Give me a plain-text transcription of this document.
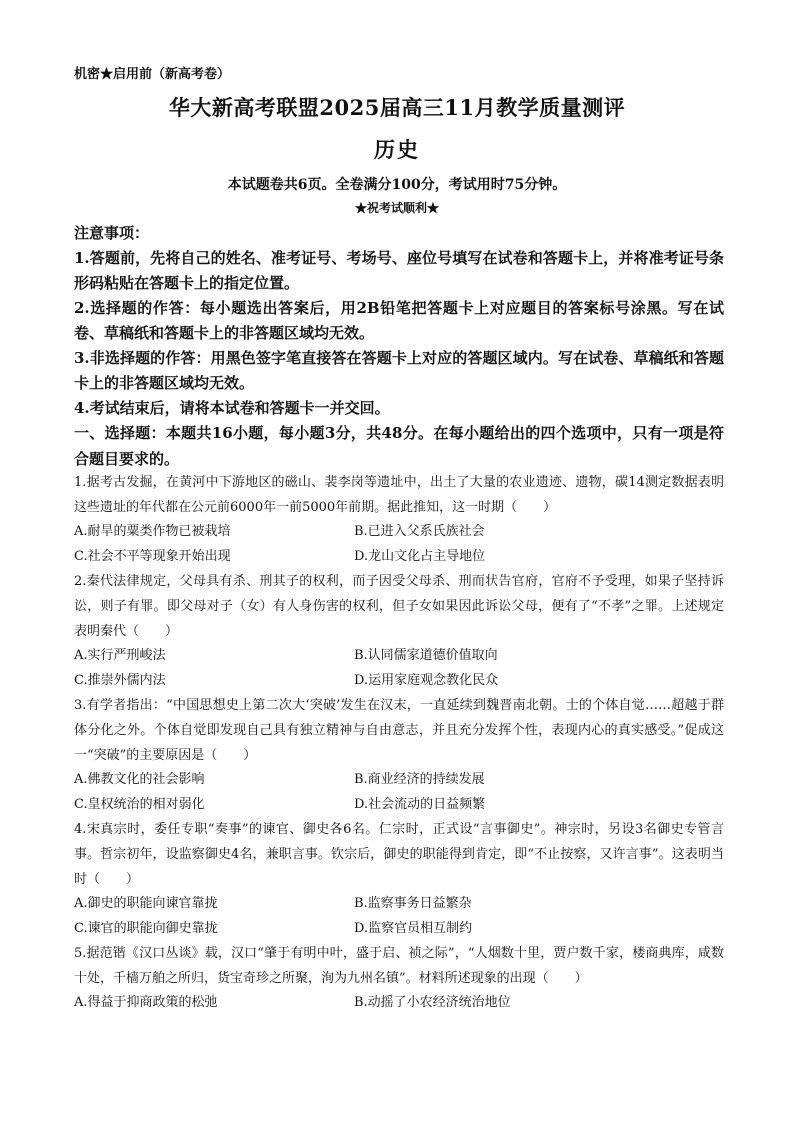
机密★启用前（新高考卷）
华大新高考联盟2025届高三11月教学质量测评
历史
本试题卷共6页。全卷满分100分，考试用时75分钟。
★祝考试顺利★
注意事项：
1.答题前，先将自己的姓名、准考证号、考场号、座位号填写在试卷和答题卡上，并将准考证号条形码粘贴在答题卡上的指定位置。
2.选择题的作答：每小题选出答案后，用2B铅笔把答题卡上对应题目的答案标号涂黑。写在试卷、草稿纸和答题卡上的非答题区域均无效。
3.非选择题的作答：用黑色签字笔直接答在答题卡上对应的答题区域内。写在试卷、草稿纸和答题卡上的非答题区域均无效。
4.考试结束后，请将本试卷和答题卡一并交回。
一、选择题：本题共16小题，每小题3分，共48分。在每小题给出的四个选项中，只有一项是符合题目要求的。
1.据考古发掘，在黄河中下游地区的磁山、裴李岗等遗址中，出土了大量的农业遗迹、遗物，碳14测定数据表明这些遗址的年代都在公元前6000年一前5000年前期。据此推知，这一时期（　　）
A.耐旱的粟类作物已被栽培	B.已进入父系氏族社会
C.社会不平等现象开始出现	D.龙山文化占主导地位
2.秦代法律规定，父母具有杀、刑其子的权利，而子因受父母杀、刑而状告官府，官府不予受理，如果子坚持诉讼，则子有罪。即父母对子（女）有人身伤害的权利，但子女如果因此诉讼父母，便有了“不孝”之罪。上述规定表明秦代（　　）
A.实行严刑峻法	B.认同儒家道德价值取向
C.推崇外儒内法	D.运用家庭观念教化民众
3.有学者指出：“中国思想史上第二次大‘突破’发生在汉末，一直延续到魏晋南北朝。士的个体自觉……超越于群体分化之外。个体自觉即发现自己具有独立精神与自由意志，并且充分发挥个性，表现内心的真实感受。”促成这一“突破”的主要原因是（　　）
A.佛教文化的社会影响	B.商业经济的持续发展
C.皇权统治的相对弱化	D.社会流动的日益频繁
4.宋真宗时，委任专职“奏事”的谏官、御史各6名。仁宗时，正式设“言事御史”。神宗时，另设3名御史专管言事。哲宗初年，设监察御史4名，兼职言事。钦宗后，御史的职能得到肯定，即“不止按察，又许言事”。这表明当时（　　）
A.御史的职能向谏官靠拢	B.监察事务日益繁杂
C.谏官的职能向御史靠拢	D.监察官员相互制约
5.据范锴《汉口丛谈》载，汉口“肇于有明中叶，盛于启、祯之际”，“人烟数十里，贾户数千家，楼商典库，咸数十处，千樯万舶之所归，货宝奇珍之所聚，洵为九州名镇”。材料所述现象的出现（　　）
A.得益于抑商政策的松弛	B.动摇了小农经济统治地位
